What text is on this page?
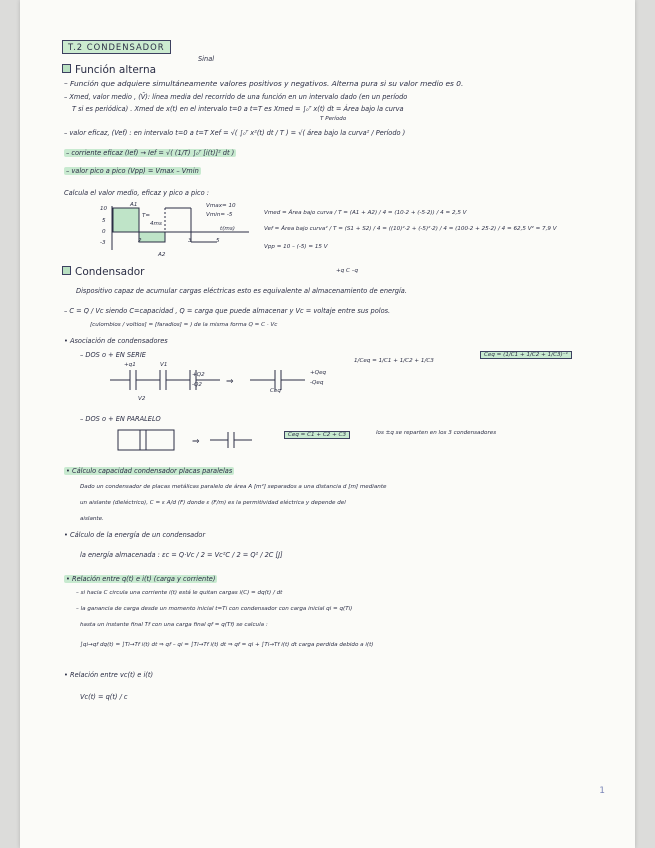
T.2 CONDENSADOR
Sinal
Función alterna
– Función que adquiere simultáneamente valores positivos y negativos. Alterna pura si su valor medio es 0.
– Xmed, valor medio , (V̄): línea media del recorrido de una función en un intervalo dado (en un período
T si es periódica) . Xmed de x(t) en el intervalo t=0 a t=T es Xmed = ∫₀ᵀ x(t) dt = Área bajo la curva
T Período
– valor eficaz, (Vef) : en intervalo t=0 a t=T Xef = √( ∫₀ᵀ x²(t) dt / T ) = √( área bajo la curva² / Período )
– corriente eficaz (Ief) → Ief = √( (1/T) ∫₀ᵀ [i(t)]² dt )
– valor pico a pico (Vpp) = Vmax – Vmin
Calcula el valor medio, eficaz y pico a pico :
10
5
0
-3
A1
A2
T=
4ms
2	3	5
t(ms)
Vmax= 10
Vmin= -5	Vmed = Área bajo curva / T = (A1 + A2) / 4 = (10·2 + (-5·2)) / 4 = 2,5 V
Vef = Área bajo curva² / T = (S1 + S2) / 4 = ((10)²·2 + (-5)²·2) / 4 = (100·2 + 25·2) / 4 = 62,5 V² = 7,9 V
Vpp = 10 – (-5) = 15 V
Condensador	+q C –q
Dispositivo capaz de acumular cargas eléctricas esto es equivalente al almacenamiento de energía.
– C = Q / Vc siendo C=capacidad , Q = carga que puede almacenar y Vc = voltaje entre sus polos.
[culombios / voltios] = [faradios] = ) de la misma forma Q = C · Vc
• Asociación de condensadores
– DOS o + EN SERIE
⇒
+q1	V1
+Q2
-Q2
V2
Ceq
+Qeq
-Qeq
1/Ceq = 1/C1 + 1/C2 + 1/C3
Ceq = (1/C1 + 1/C2 + 1/C3)⁻¹
– DOS o + EN PARALELO
⇒
Ceq = C1 + C2 + C3	los ±q se reparten en los 3 condensadores
• Cálculo capacidad condensador placas paralelas
Dado un condensador de placas metálicas paralelo de área A [m²] separados a una distancia d [m] mediante
un aislante (dieléctrico), C = ε A/d (F) donde ε (F/m) es la permitividad eléctrica y depende del
aislante.
• Cálculo de la energía de un condensador
la energía almacenada : εc = Q·Vc / 2 = Vc²C / 2 = Q² / 2C [J]
• Relación entre q(t) e i(t) (carga y corriente)
– si hacia C circula una corriente i(t) está le quitan cargas i(C) = dq(t) / dt
– la ganancia de carga desde un momento inicial t=Ti con condensador con carga inicial qi = q(Ti)
hasta un instante final Tf con una carga final qf = q(Tf) se calcula :
∫qi→qf dq(t) = ∫Ti→Tf i(t) dt ⇒ qf – qi = ∫Ti→Tf i(t) dt ⇒ qf = qi + ∫Ti→Tf i(t) dt carga perdida debido a i(t)
• Relación entre vc(t) e i(t)
Vc(t) = q(t) / c
1
